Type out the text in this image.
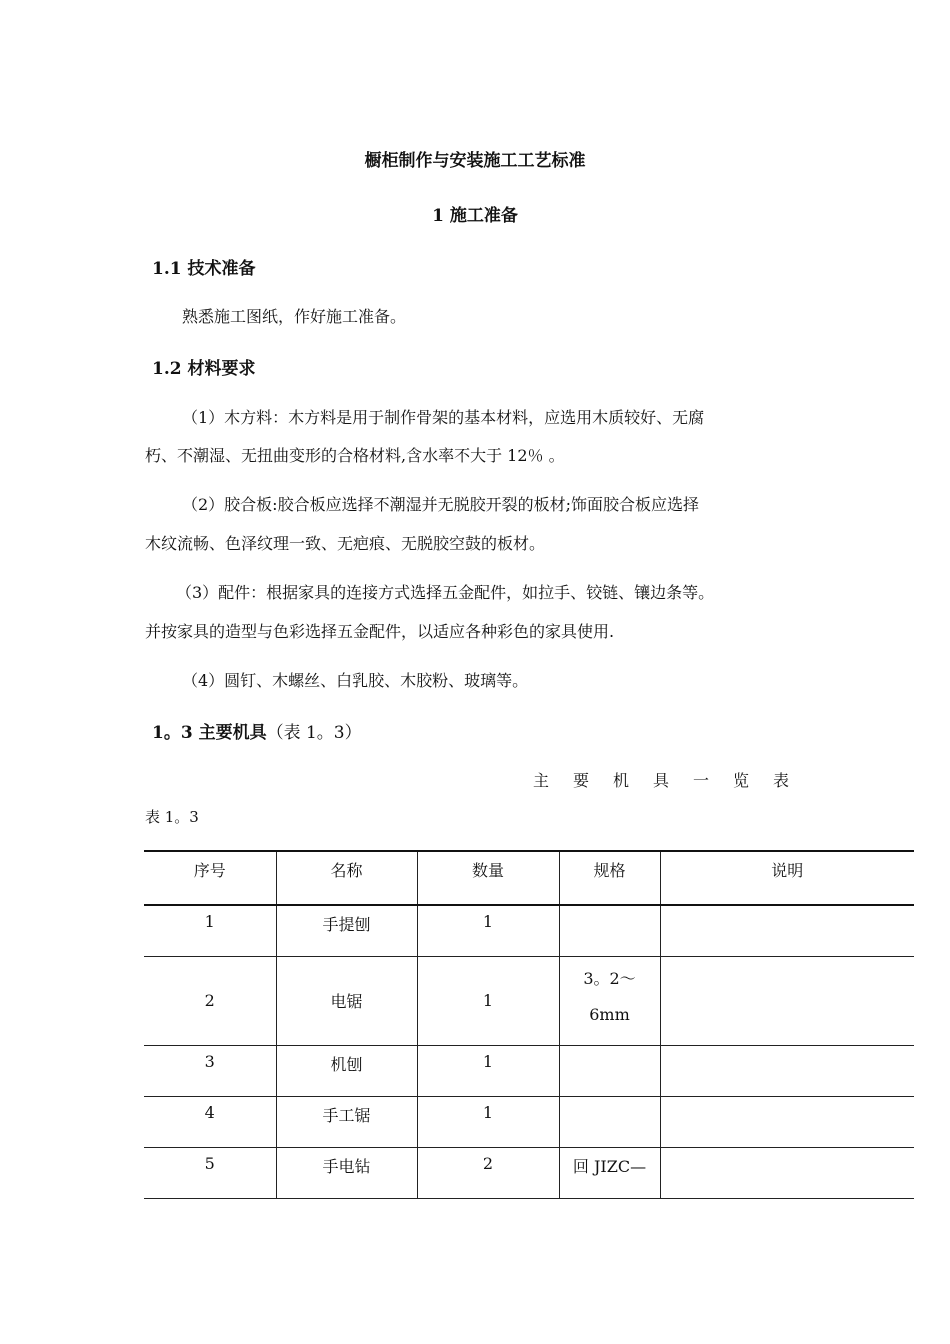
橱柜制作与安装施工工艺标准
1 施工准备
1.1 技术准备
熟悉施工图纸，作好施工准备。
1.2 材料要求
（1）木方料：木方料是用于制作骨架的基本材料，应选用木质较好、无腐
朽、不潮湿、无扭曲变形的合格材料,含水率不大于 12％ 。
（2）胶合板:胶合板应选择不潮湿并无脱胶开裂的板材;饰面胶合板应选择
木纹流畅、色泽纹理一致、无疤痕、无脱胶空鼓的板材。
（3）配件：根据家具的连接方式选择五金配件，如拉手、铰链、镶边条等。
并按家具的造型与色彩选择五金配件，以适应各种彩色的家具使用.
（4）圆钉、木螺丝、白乳胶、木胶粉、玻璃等。
1。3 主要机具（表 1。3）
主要机具一览表
表 1。3
序号	名称	数量	规格	说明
1	手提刨	1		
2	电锯	1	3。2～
6mm	

3	机刨	1		
4	手工锯	1		
5	手电钻	2	回 JIZC—	
